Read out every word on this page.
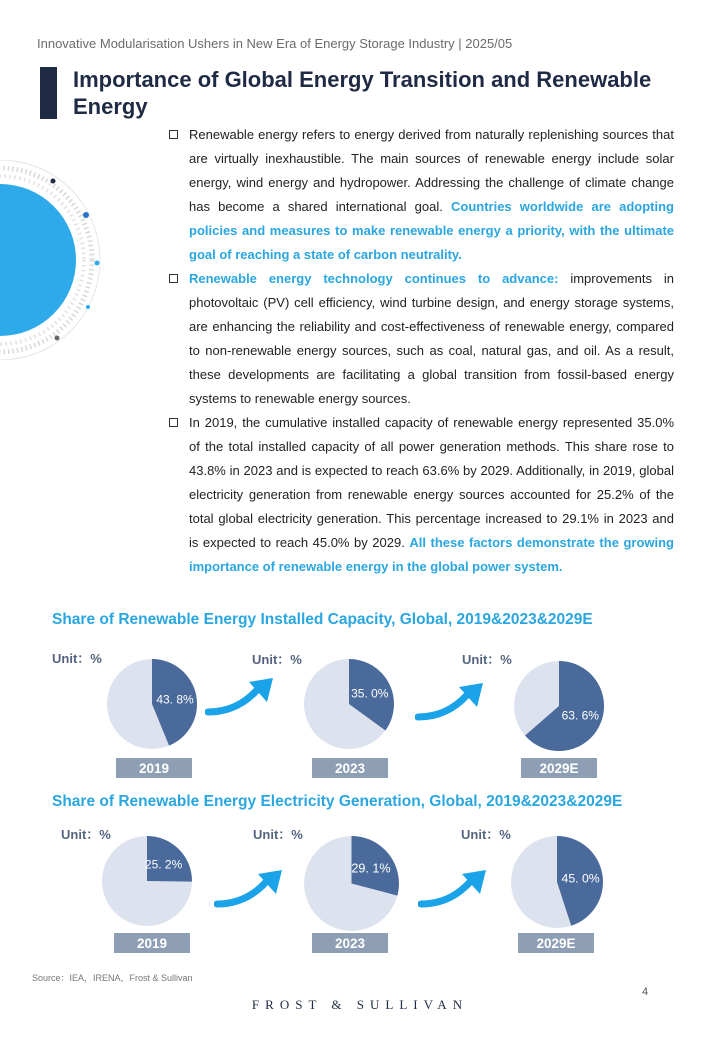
Innovative Modularisation Ushers in New Era of Energy Storage Industry | 2025/05
Importance of Global Energy Transition and Renewable Energy
Renewable energy refers to energy derived from naturally replenishing sources that are virtually inexhaustible. The main sources of renewable energy include solar energy, wind energy and hydropower. Addressing the challenge of climate change has become a shared international goal. Countries worldwide are adopting policies and measures to make renewable energy a priority, with the ultimate goal of reaching a state of carbon neutrality.
Renewable energy technology continues to advance: improvements in photovoltaic (PV) cell efficiency, wind turbine design, and energy storage systems, are enhancing the reliability and cost-effectiveness of renewable energy, compared to non-renewable energy sources, such as coal, natural gas, and oil. As a result, these developments are facilitating a global transition from fossil-based energy systems to renewable energy sources.
In 2019, the cumulative installed capacity of renewable energy represented 35.0% of the total installed capacity of all power generation methods. This share rose to 43.8% in 2023 and is expected to reach 63.6% by 2029. Additionally, in 2019, global electricity generation from renewable energy sources accounted for 25.2% of the total global electricity generation. This percentage increased to 29.1% in 2023 and is expected to reach 45.0% by 2029. All these factors demonstrate the growing importance of renewable energy in the global power system.
Share of Renewable Energy Installed Capacity, Global, 2019&2023&2029E
Unit：%	Unit：%	Unit：%
43. 8%	35. 0%
63. 6%
2019	2023	2029E
Share of Renewable Energy Electricity Generation, Global, 2019&2023&2029E
Unit：%	Unit：%	Unit：%
25. 2%	29. 1%
45. 0%
2019	2023	2029E
Source：IEA，IRENA，Frost & Sullivan
4
FROST & SULLIVAN
